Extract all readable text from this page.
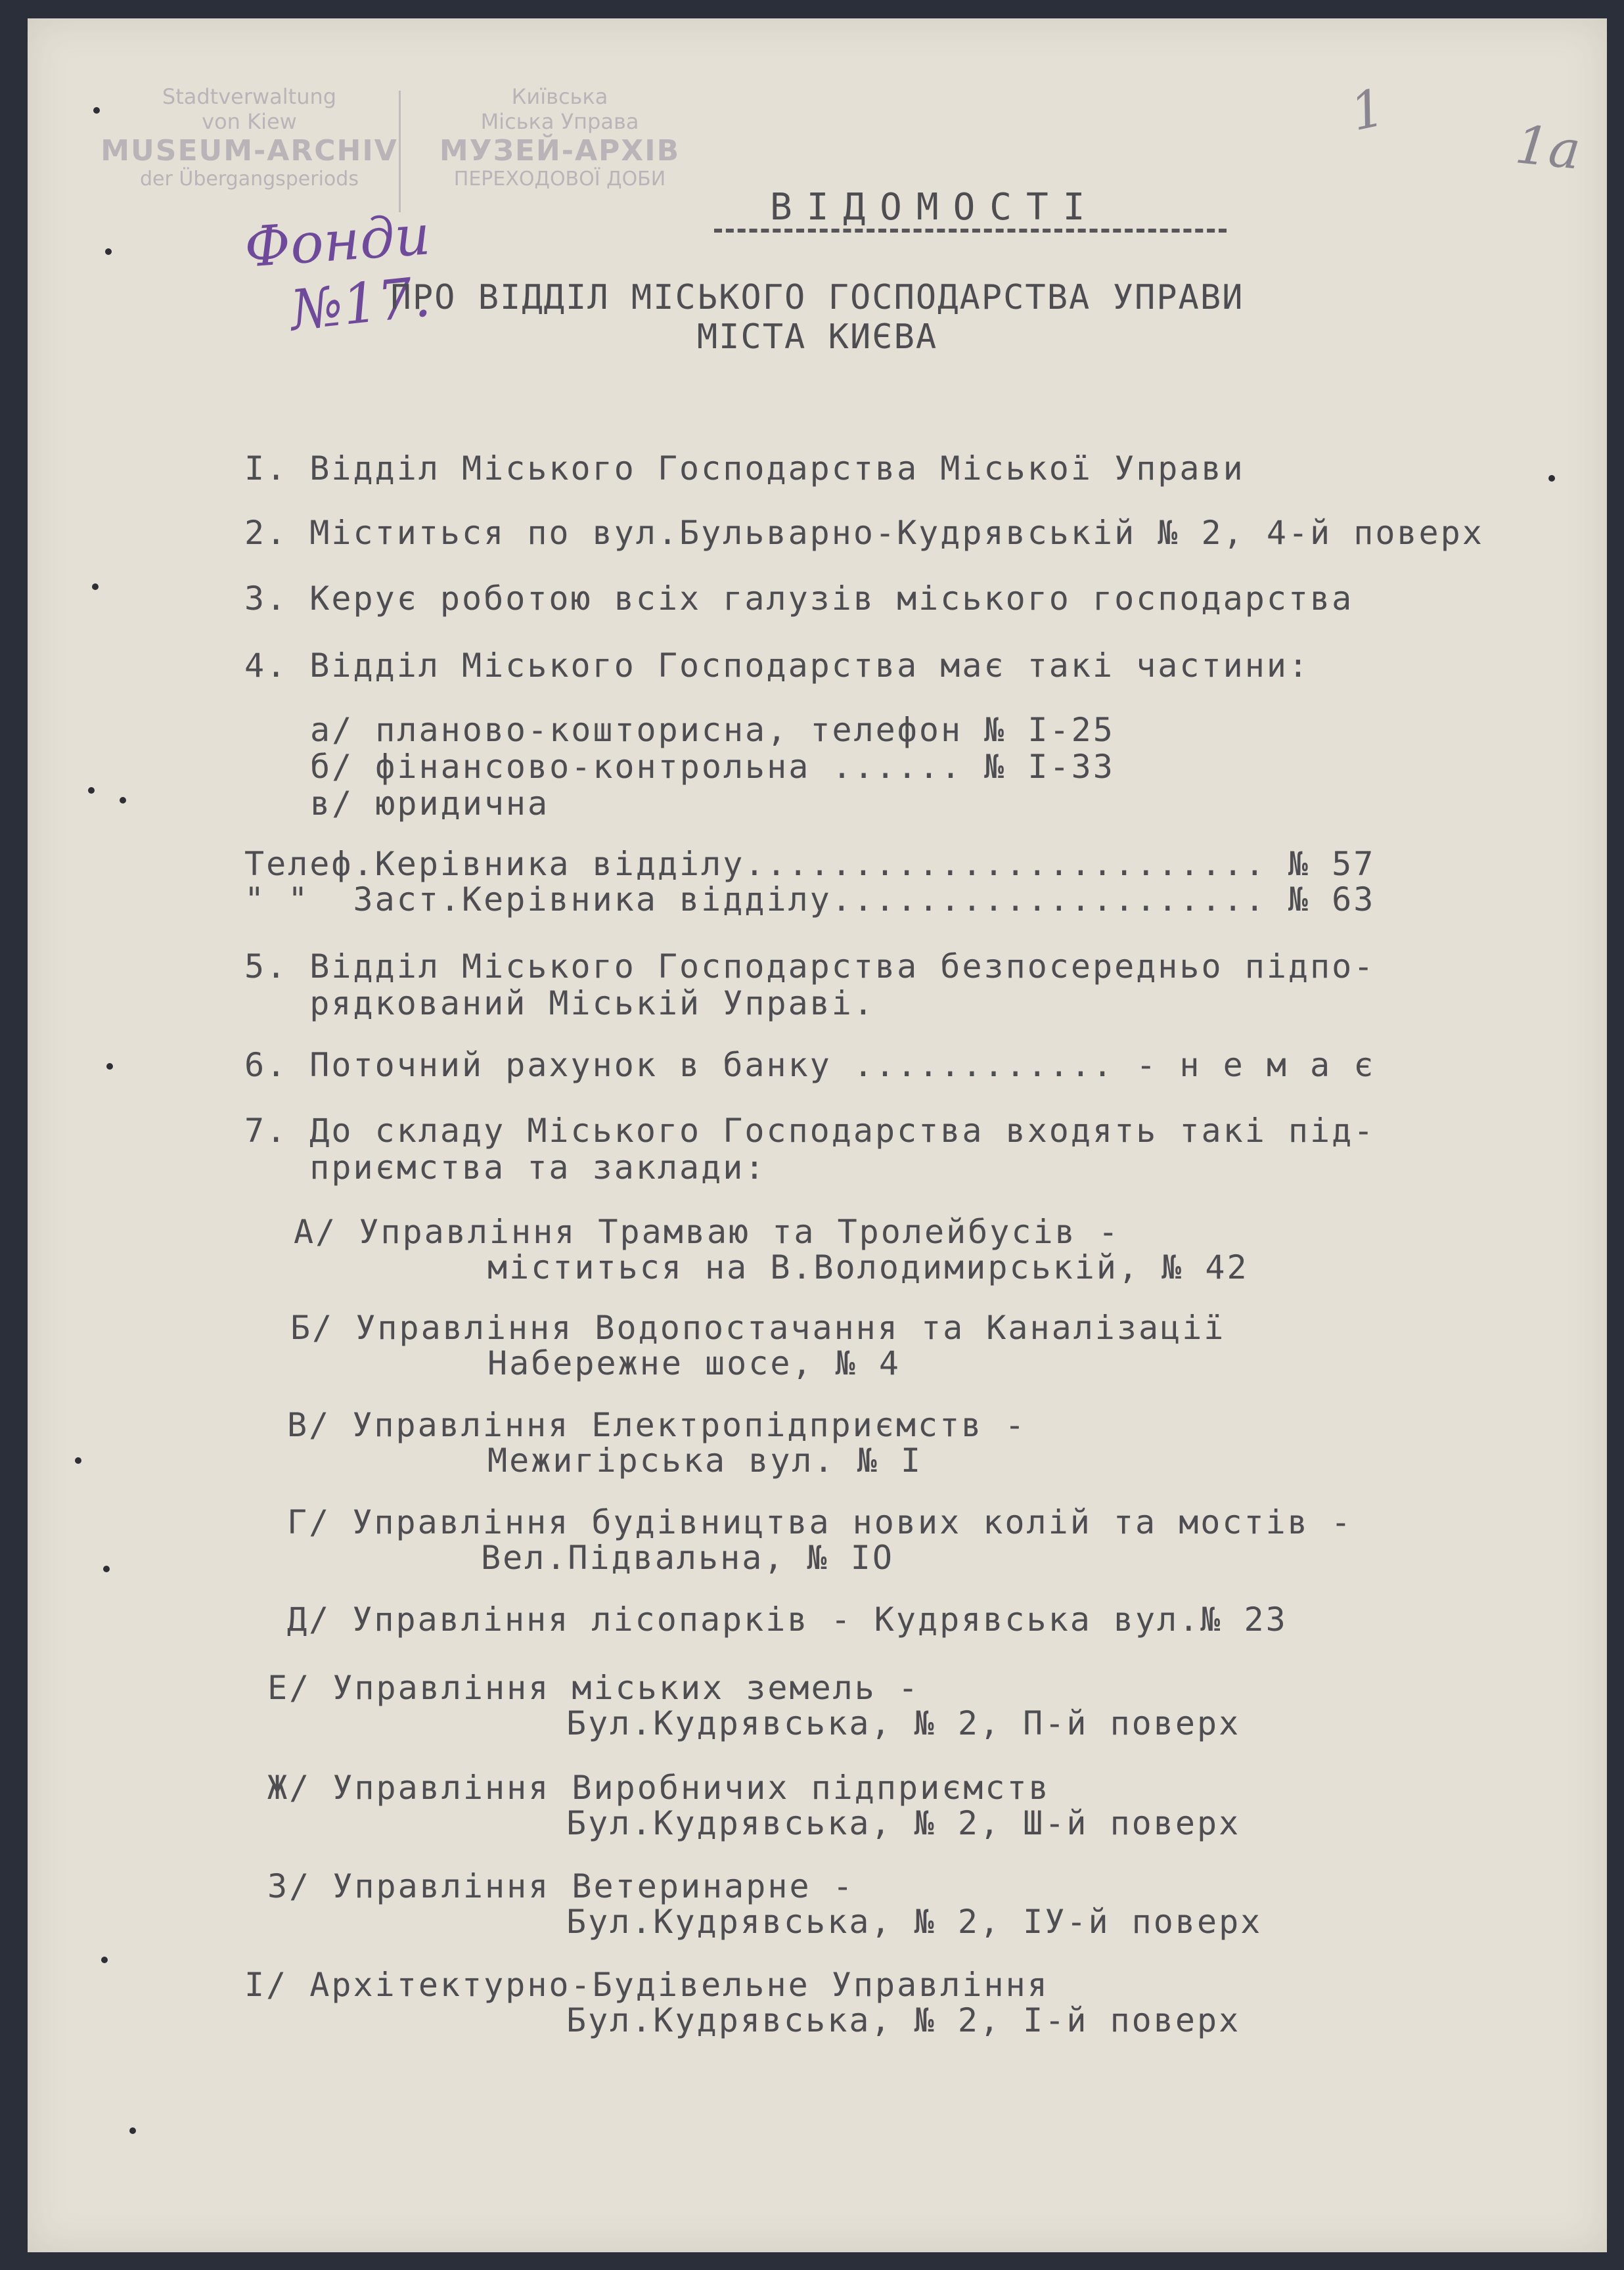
Stadtverwaltung
von Kiew
MUSEUM-ARCHIV
der Übergangsperiods
Київська
Міська Управа
МУЗЕЙ-АРХІВ
ПЕРЕХОДОВОЇ ДОБИ
Фонди
№17.
1а
1
ВІДОМОСТІ
ПРО ВІДДІЛ МІСЬКОГО ГОСПОДАРСТВА УПРАВИ
МІСТА КИЄВА
I. Відділ Міського Господарства Міської Управи
2. Міститься по вул.Бульварно-Кудрявській № 2, 4-й поверх
3. Керує роботою всіх галузів міського господарства
4. Відділ Міського Господарства має такі частини:
а/ планово-кошторисна, телефон № I-25
б/ фінансово-контрольна ...... № I-33
в/ юридична
Телеф.Керівника відділу........................ № 57
" "  Заст.Керівника відділу.................... № 63
5. Відділ Міського Господарства безпосередньо підпо-
рядкований Міській Управі.
6. Поточний рахунок в банку ............ - н е м а є
7. До складу Міського Господарства входять такі під-
приємства та заклади:
А/ Управління Трамваю та Тролейбусів -
міститься на В.Володимирській, № 42
Б/ Управління Водопостачання та Каналізації
Набережне шосе, № 4
В/ Управління Електропідприємств -
Межигірська вул. № I
Г/ Управління будівництва нових колій та мостів -
Вел.Підвальна, № IO
Д/ Управління лісопарків - Кудрявська вул.№ 23
Е/ Управління міських земель -
Бул.Кудрявська, № 2, П-й поверх
Ж/ Управління Виробничих підприємств
Бул.Кудрявська, № 2, Ш-й поверх
З/ Управління Ветеринарне -
Бул.Кудрявська, № 2, IУ-й поверх
I/ Архітектурно-Будівельне Управління
Бул.Кудрявська, № 2, I-й поверх
